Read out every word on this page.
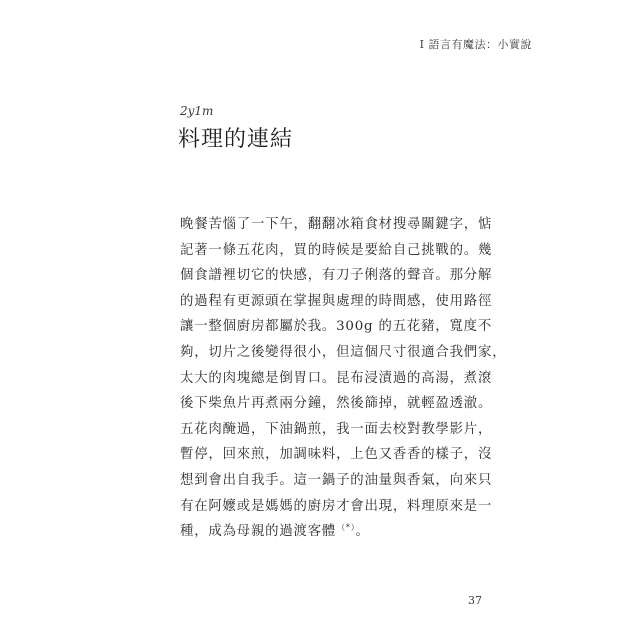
I 語言有魔法：小實說
2y1m
料理的連結
晚餐苦惱了一下午，翻翻冰箱食材搜尋關鍵字，惦
記著一條五花肉，買的時候是要給自己挑戰的。幾
個食譜裡切它的快感，有刀子俐落的聲音。那分解
的過程有更源頭在掌握與處理的時間感，使用路徑
讓一整個廚房都屬於我。300g 的五花豬，寬度不
夠，切片之後變得很小，但這個尺寸很適合我們家，
太大的肉塊總是倒胃口。昆布浸漬過的高湯，煮滾
後下柴魚片再煮兩分鐘，然後篩掉，就輕盈透澈。
五花肉醃過，下油鍋煎，我一面去校對教學影片，
暫停，回來煎，加調味料，上色又香香的樣子，沒
想到會出自我手。這一鍋子的油量與香氣，向來只
有在阿嬤或是媽媽的廚房才會出現，料理原來是一
種，成為母親的過渡客體（*）。
37
